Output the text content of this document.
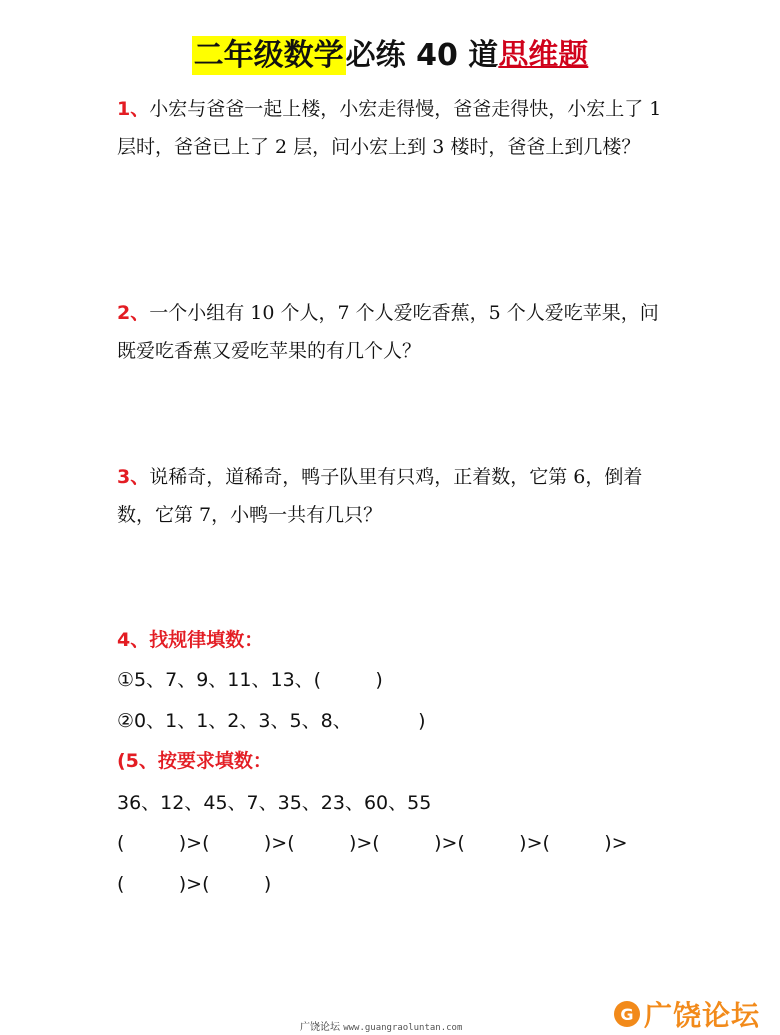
二年级数学必练 40 道思维题
1、小宏与爸爸一起上楼，小宏走得慢，爸爸走得快，小宏上了 1 层时，爸爸已上了 2 层，问小宏上到 3 楼时，爸爸上到几楼？
2、一个小组有 10 个人，7 个人爱吃香蕉，5 个人爱吃苹果，问既爱吃香蕉又爱吃苹果的有几个人？
3、说稀奇，道稀奇，鸭子队里有只鸡，正着数，它第 6，倒着数，它第 7，小鸭一共有几只？
4、找规律填数：
①5、7、9、11、13、(         )
②0、1、1、2、3、5、8、           )
(5、按要求填数：
36、12、45、7、35、23、60、55
(         )>(         )>(         )>(         )>(         )>(         )>
(         )>(         )
广饶论坛 www.guangraoluntan.com
G 广饶论坛
